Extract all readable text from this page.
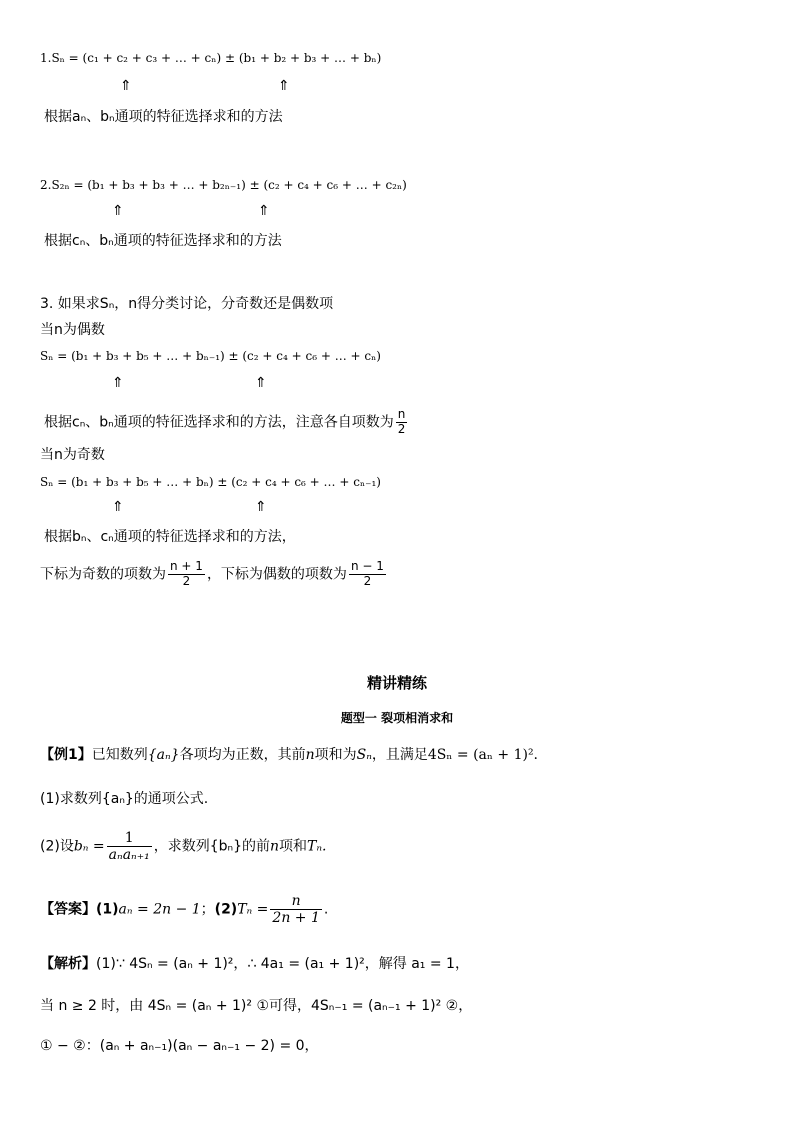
1.Sₙ = (c₁ + c₂ + c₃ + … + cₙ) ± (b₁ + b₂ + b₃ + … + bₙ)
⇑	⇑
根据aₙ、bₙ通项的特征选择求和的方法
2.S₂ₙ = (b₁ + b₃ + b₃ + … + b₂ₙ₋₁) ± (c₂ + c₄ + c₆ + … + c₂ₙ)
⇑	⇑
根据cₙ、bₙ通项的特征选择求和的方法
3. 如果求Sₙ，n得分类讨论，分奇数还是偶数项
当n为偶数
Sₙ = (b₁ + b₃ + b₅ + … + bₙ₋₁) ± (c₂ + c₄ + c₆ + … + cₙ)
⇑	⇑
根据cₙ、bₙ通项的特征选择求和的方法，注意各自项数为 $\frac{n}{2}$
当n为奇数
Sₙ = (b₁ + b₃ + b₅ + … + bₙ) ± (c₂ + c₄ + c₆ + … + cₙ₋₁)
⇑	⇑
根据bₙ、cₙ通项的特征选择求和的方法，
下标为奇数的项数为 $\frac{n + 1}{2}$ ，下标为偶数的项数为 $\frac{n - 1}{2}$
精讲精练
题型一 裂项相消求和
【例1】已知数列{aₙ}各项均为正数，其前n项和为Sₙ，且满足4Sₙ = (aₙ + 1)².
(1)求数列{aₙ}的通项公式.
(2)设$b_n = \frac{1}{\text{aₙaₙ₊₁}}$ ，求数列{bₙ}的前n项和Tₙ.
【答案】(1)aₙ = 2n − 1；$(2)T_n = \frac{n}{2n + 1}$ .
【解析】(1)∵ 4Sₙ = (aₙ + 1)²，∴ 4a₁ = (a₁ + 1)²，解得 a₁ = 1，
当 n ≥ 2 时，由 4Sₙ = (aₙ + 1)² ①可得，4Sₙ₋₁ = (aₙ₋₁ + 1)² ②，
① − ②：(aₙ + aₙ₋₁)(aₙ − aₙ₋₁ − 2) = 0，
